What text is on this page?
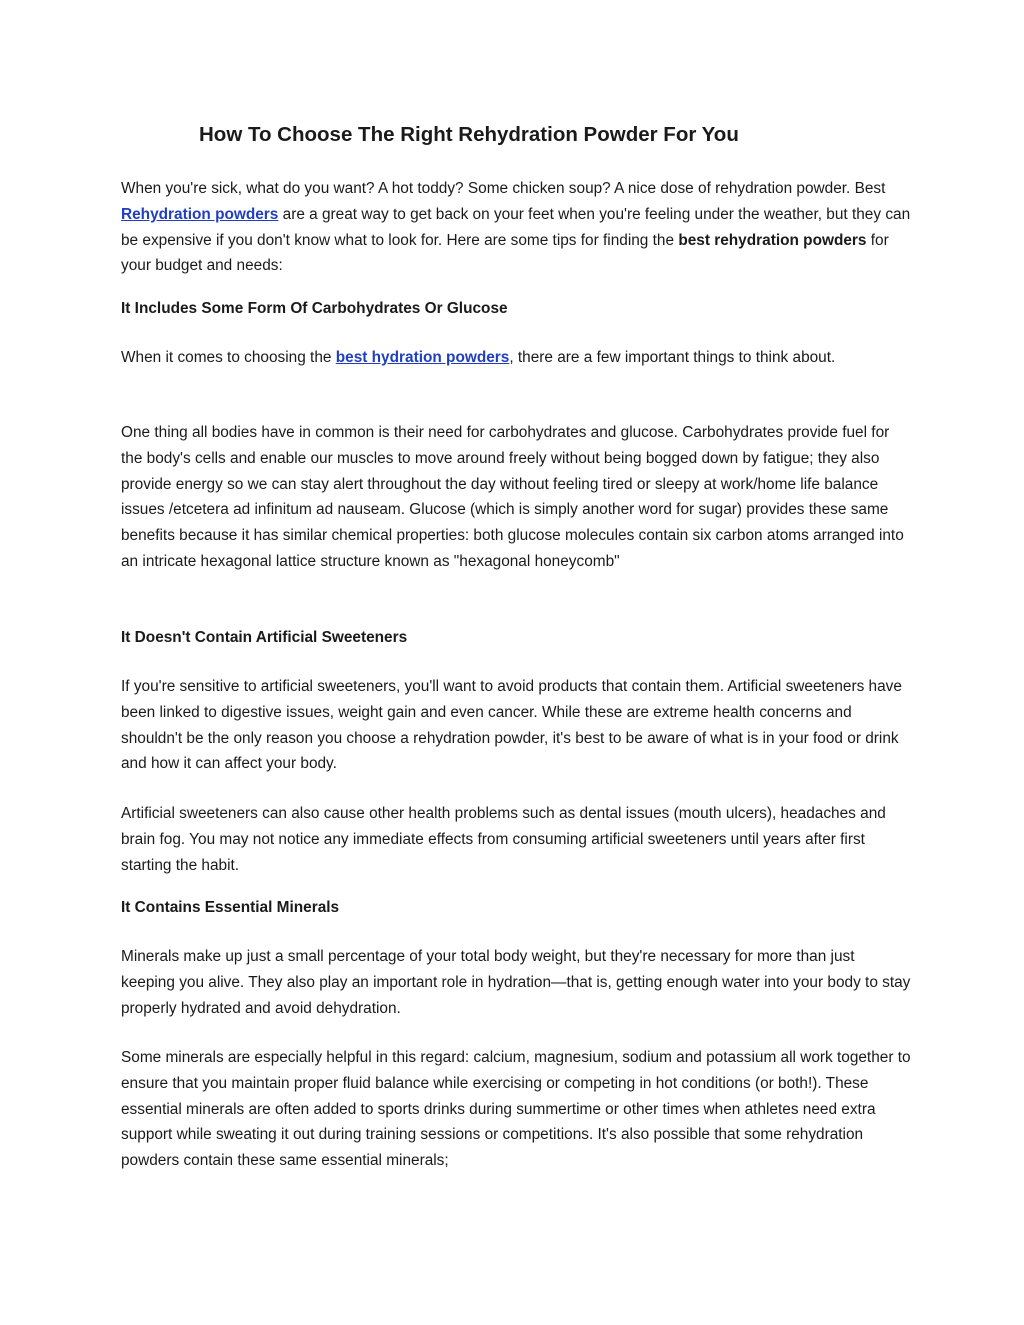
How To Choose The Right Rehydration Powder For You

When you're sick, what do you want? A hot toddy? Some chicken soup? A nice dose of rehydration powder. Best Rehydration powders are a great way to get back on your feet when you're feeling under the weather, but they can be expensive if you don't know what to look for. Here are some tips for finding the best rehydration powders for your budget and needs:

It Includes Some Form Of Carbohydrates Or Glucose

When it comes to choosing the best hydration powders, there are a few important things to think about.

One thing all bodies have in common is their need for carbohydrates and glucose. Carbohydrates provide fuel for the body's cells and enable our muscles to move around freely without being bogged down by fatigue; they also provide energy so we can stay alert throughout the day without feeling tired or sleepy at work/home life balance issues /etcetera ad infinitum ad nauseam. Glucose (which is simply another word for sugar) provides these same benefits because it has similar chemical properties: both glucose molecules contain six carbon atoms arranged into an intricate hexagonal lattice structure known as "hexagonal honeycomb"

It Doesn't Contain Artificial Sweeteners

If you're sensitive to artificial sweeteners, you'll want to avoid products that contain them. Artificial sweeteners have been linked to digestive issues, weight gain and even cancer. While these are extreme health concerns and shouldn't be the only reason you choose a rehydration powder, it's best to be aware of what is in your food or drink and how it can affect your body.

Artificial sweeteners can also cause other health problems such as dental issues (mouth ulcers), headaches and brain fog. You may not notice any immediate effects from consuming artificial sweeteners until years after first starting the habit.

It Contains Essential Minerals

Minerals make up just a small percentage of your total body weight, but they're necessary for more than just keeping you alive. They also play an important role in hydration—that is, getting enough water into your body to stay properly hydrated and avoid dehydration.

Some minerals are especially helpful in this regard: calcium, magnesium, sodium and potassium all work together to ensure that you maintain proper fluid balance while exercising or competing in hot conditions (or both!). These essential minerals are often added to sports drinks during summertime or other times when athletes need extra support while sweating it out during training sessions or competitions. It's also possible that some rehydration powders contain these same essential minerals;
